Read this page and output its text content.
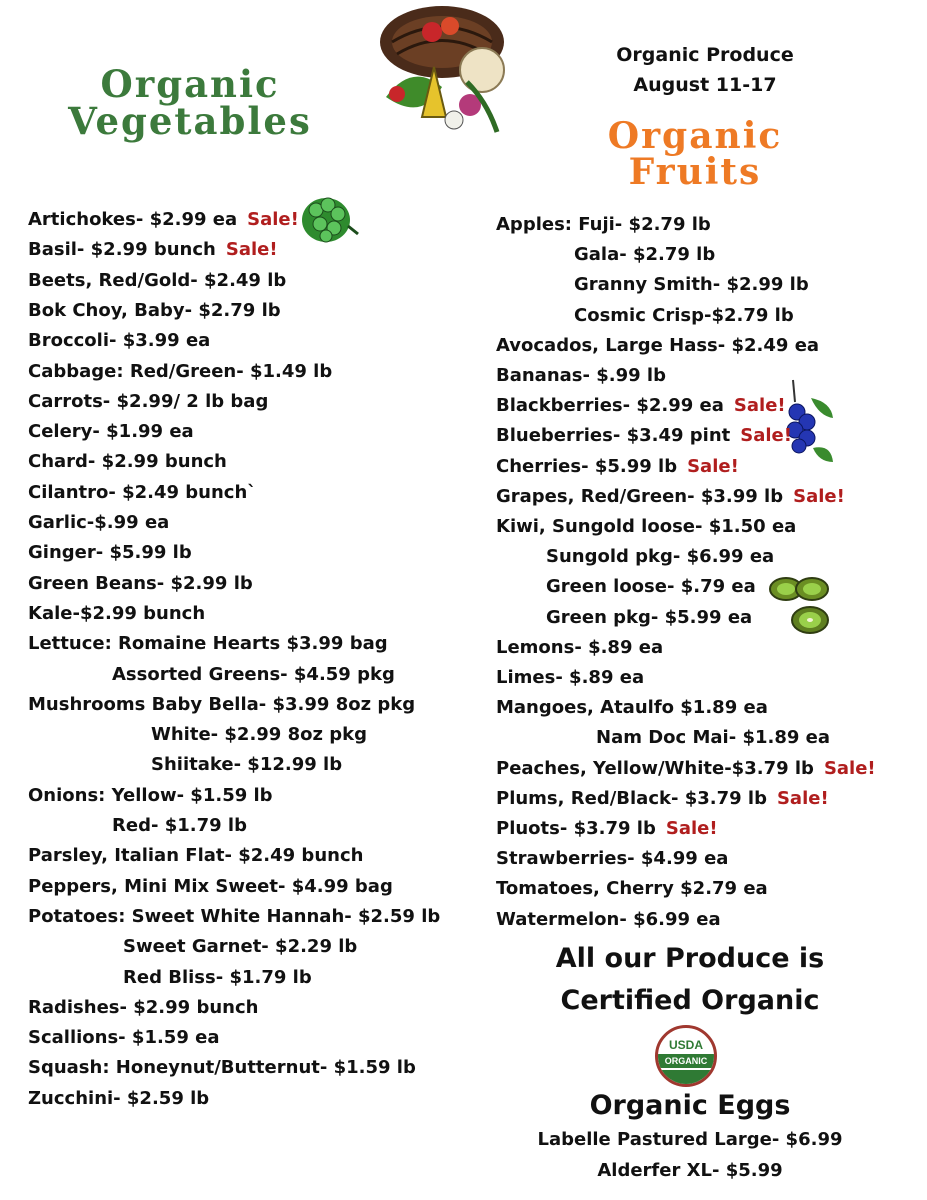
Organic Produce
August 11-17
Organic
Vegetables	Organic
Fruits
Artichokes- $2.99 ea Sale!
Basil- $2.99 bunch Sale!
Beets, Red/Gold- $2.49 lb
Bok Choy, Baby- $2.79 lb
Broccoli- $3.99 ea
Cabbage: Red/Green- $1.49 lb
Carrots- $2.99/ 2 lb bag
Celery- $1.99 ea
Chard- $2.99 bunch
Cilantro- $2.49 bunch`
Garlic-$.99 ea
Ginger- $5.99 lb
Green Beans- $2.99 lb
Kale-$2.99 bunch
Lettuce: Romaine Hearts $3.99 bag
Assorted Greens- $4.59 pkg
Mushrooms Baby Bella- $3.99 8oz pkg
White- $2.99 8oz pkg
Shiitake- $12.99 lb
Onions: Yellow- $1.59 lb
Red- $1.79 lb
Parsley, Italian Flat- $2.49 bunch
Peppers, Mini Mix Sweet- $4.99 bag
Potatoes: Sweet White Hannah- $2.59 lb
Sweet Garnet- $2.29 lb
Red Bliss- $1.79 lb
Radishes- $2.99 bunch
Scallions- $1.59 ea
Squash: Honeynut/Butternut- $1.59 lb
Zucchini- $2.59 lb
Apples: Fuji- $2.79 lb
Gala- $2.79 lb
Granny Smith- $2.99 lb
Cosmic Crisp-$2.79 lb
Avocados, Large Hass- $2.49 ea
Bananas- $.99 lb
Blackberries- $2.99 ea Sale!
Blueberries- $3.49 pint Sale!
Cherries- $5.99 lb Sale!
Grapes, Red/Green- $3.99 lb Sale!
Kiwi, Sungold loose- $1.50 ea
Sungold pkg- $6.99 ea
Green loose- $.79 ea
Green pkg- $5.99 ea
Lemons- $.89 ea
Limes- $.89 ea
Mangoes, Ataulfo $1.89 ea
Nam Doc Mai- $1.89 ea
Peaches, Yellow/White-$3.79 lb Sale!
Plums, Red/Black- $3.79 lb Sale!
Pluots- $3.79 lb Sale!
Strawberries- $4.99 ea
Tomatoes, Cherry $2.79 ea
Watermelon- $6.99 ea
All our Produce is
Certified Organic
USDA
ORGANIC
Organic Eggs
Labelle Pastured Large- $6.99
Alderfer XL- $5.99
